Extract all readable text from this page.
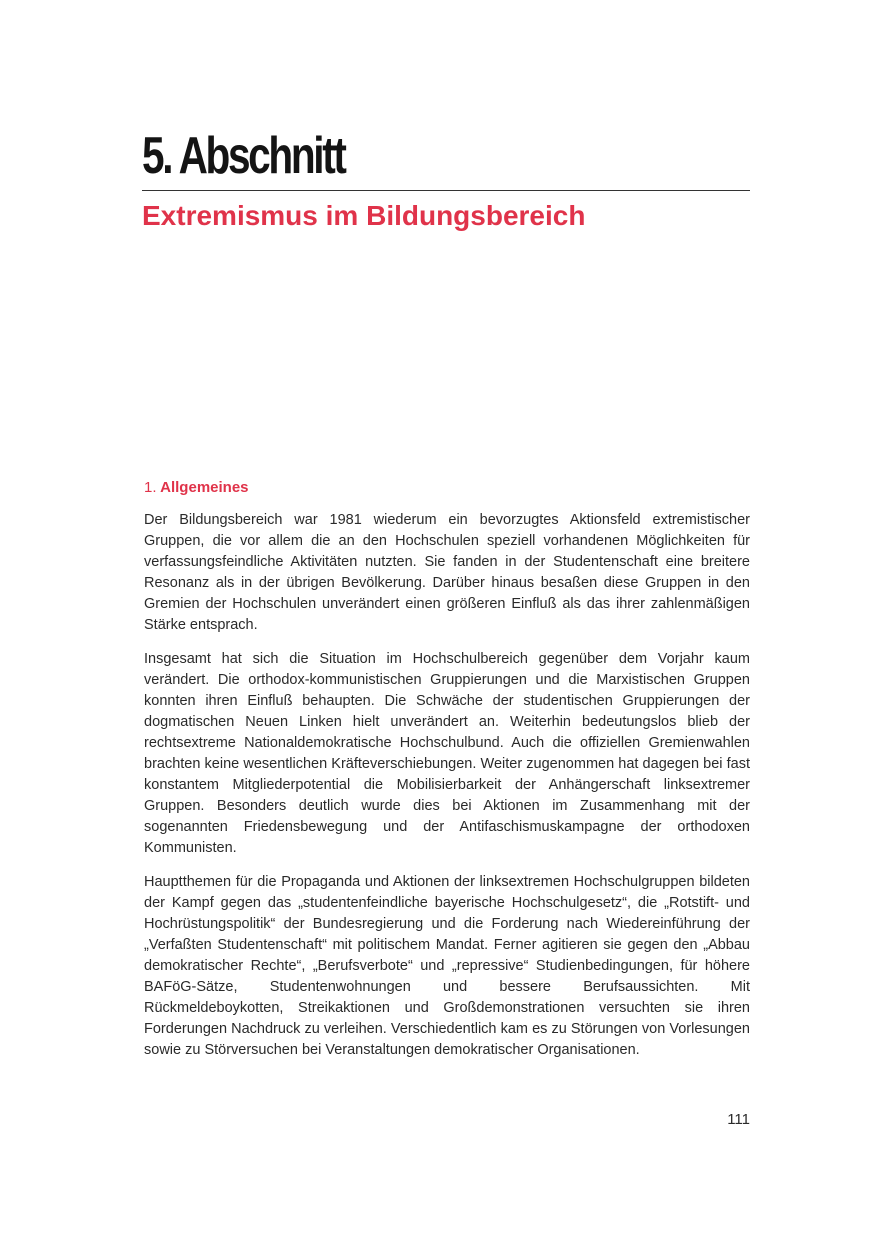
5. Abschnitt
Extremismus im Bildungsbereich
1. Allgemeines

Der Bildungsbereich war 1981 wiederum ein bevorzugtes Aktionsfeld extremistischer Gruppen, die vor allem die an den Hochschulen speziell vorhandenen Möglichkeiten für verfassungsfeindliche Aktivitäten nutzten. Sie fanden in der Studentenschaft eine breitere Resonanz als in der übrigen Bevölkerung. Darüber hinaus besaßen diese Gruppen in den Gremien der Hochschulen unverändert einen größeren Einfluß als das ihrer zahlenmäßigen Stärke entsprach.

Insgesamt hat sich die Situation im Hochschulbereich gegenüber dem Vorjahr kaum verändert. Die orthodox-kommunistischen Gruppierungen und die Marxistischen Gruppen konnten ihren Einfluß behaupten. Die Schwäche der studentischen Gruppierungen der dogmatischen Neuen Linken hielt unverändert an. Weiterhin bedeutungslos blieb der rechtsextreme Nationaldemokratische Hochschulbund. Auch die offiziellen Gremienwahlen brachten keine wesentlichen Kräfteverschiebungen. Weiter zugenommen hat dagegen bei fast konstantem Mitgliederpotential die Mobilisierbarkeit der Anhängerschaft linksextremer Gruppen. Besonders deutlich wurde dies bei Aktionen im Zusammenhang mit der sogenannten Friedensbewegung und der Antifaschismuskampagne der orthodoxen Kommunisten.

Hauptthemen für die Propaganda und Aktionen der linksextremen Hochschulgruppen bildeten der Kampf gegen das „studentenfeindliche bayerische Hochschulgesetz“, die „Rotstift- und Hochrüstungspolitik“ der Bundesregierung und die Forderung nach Wiedereinführung der „Verfaßten Studentenschaft“ mit politischem Mandat. Ferner agitieren sie gegen den „Abbau demokratischer Rechte“, „Berufsverbote“ und „repressive“ Studienbedingungen, für höhere BAFöG-Sätze, Studentenwohnungen und bessere Berufsaussichten. Mit Rückmeldeboykotten, Streikaktionen und Großdemonstrationen versuchten sie ihren Forderungen Nachdruck zu verleihen. Verschiedentlich kam es zu Störungen von Vorlesungen sowie zu Störversuchen bei Veranstaltungen demokratischer Organisationen.

111
